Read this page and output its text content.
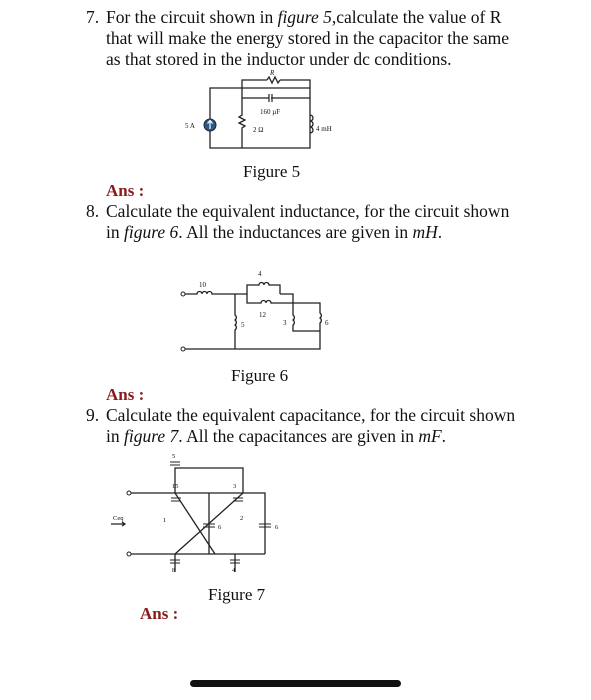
7. For the circuit shown in figure 5,calculate the value of R
that will make the energy stored in the capacitor the same
as that stored in the inductor under dc conditions.
R
160 µF
5 A	2 Ω	4 mH
Figure 5
Ans :
8. Calculate the equivalent inductance, for the circuit shown
in figure 6. All the inductances are given in mH.
10
5
4
12
3	6
Figure 6
Ans :
9. Calculate the equivalent capacitance, for the circuit shown
in figure 7. All the capacitances are given in mF.
Ceq
5
15	3
1	2
6	6
8	4
Figure 7
Ans :
